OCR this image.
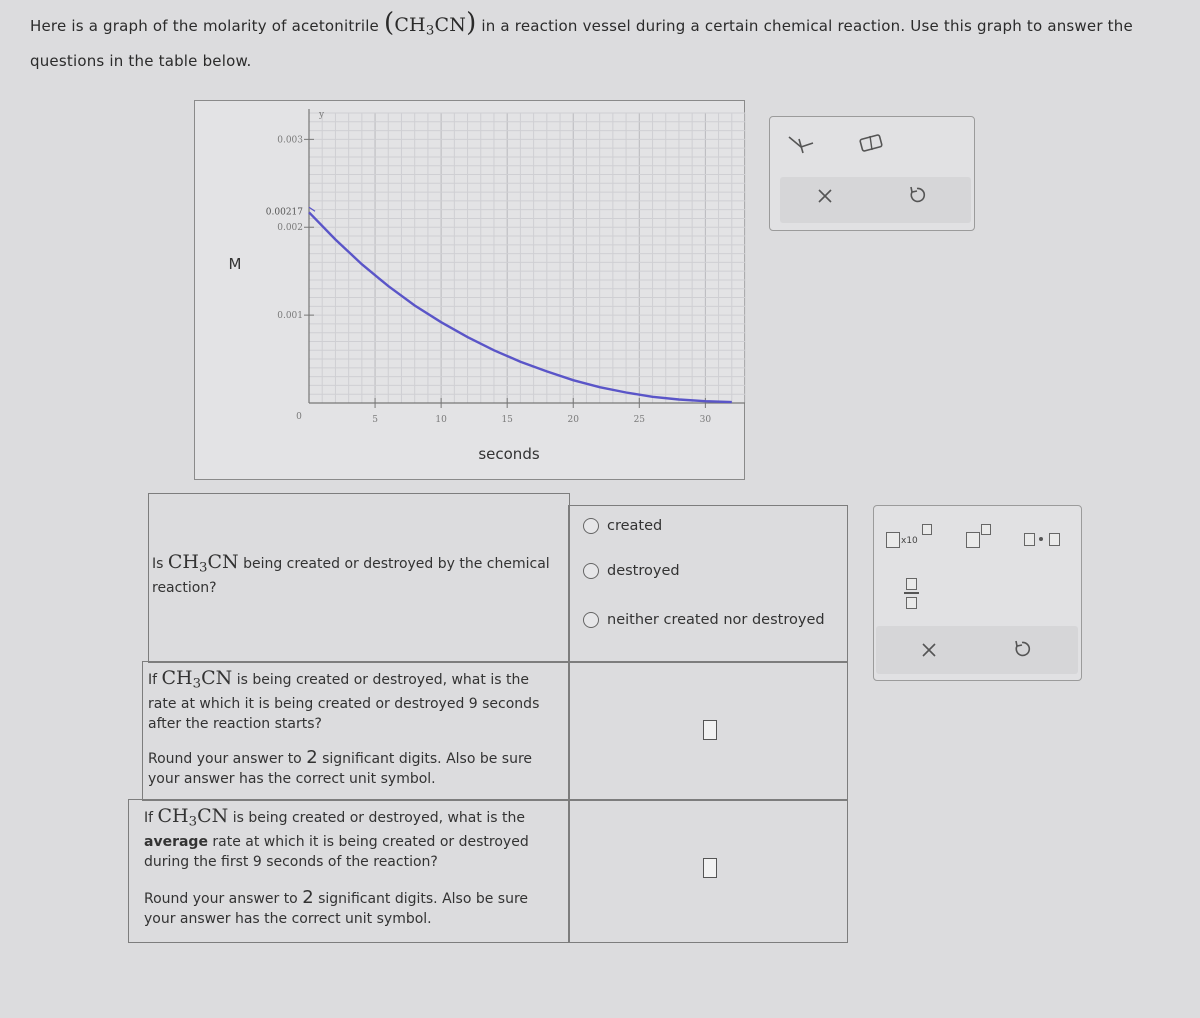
Here is a graph of the molarity of acetonitrile $(CH_3CN)$ in a reaction vessel during a certain chemical reaction. Use this graph to answer the questions in the table below.
y
0.003
0.002
0.001
0.00217
0	5	10	15	20	25	30
M
seconds
Is $CH_3CN$ being created or destroyed by the chemical reaction?
created
destroyed
neither created nor destroyed
If $CH_3CN$ is being created or destroyed, what is the rate at which it is being created or destroyed 9 seconds after the reaction starts?
Round your answer to 2 significant digits. Also be sure your answer has the correct unit symbol.
If $CH_3CN$ is being created or destroyed, what is the average rate at which it is being created or destroyed during the first 9 seconds of the reaction?
Round your answer to 2 significant digits. Also be sure your answer has the correct unit symbol.
x10
